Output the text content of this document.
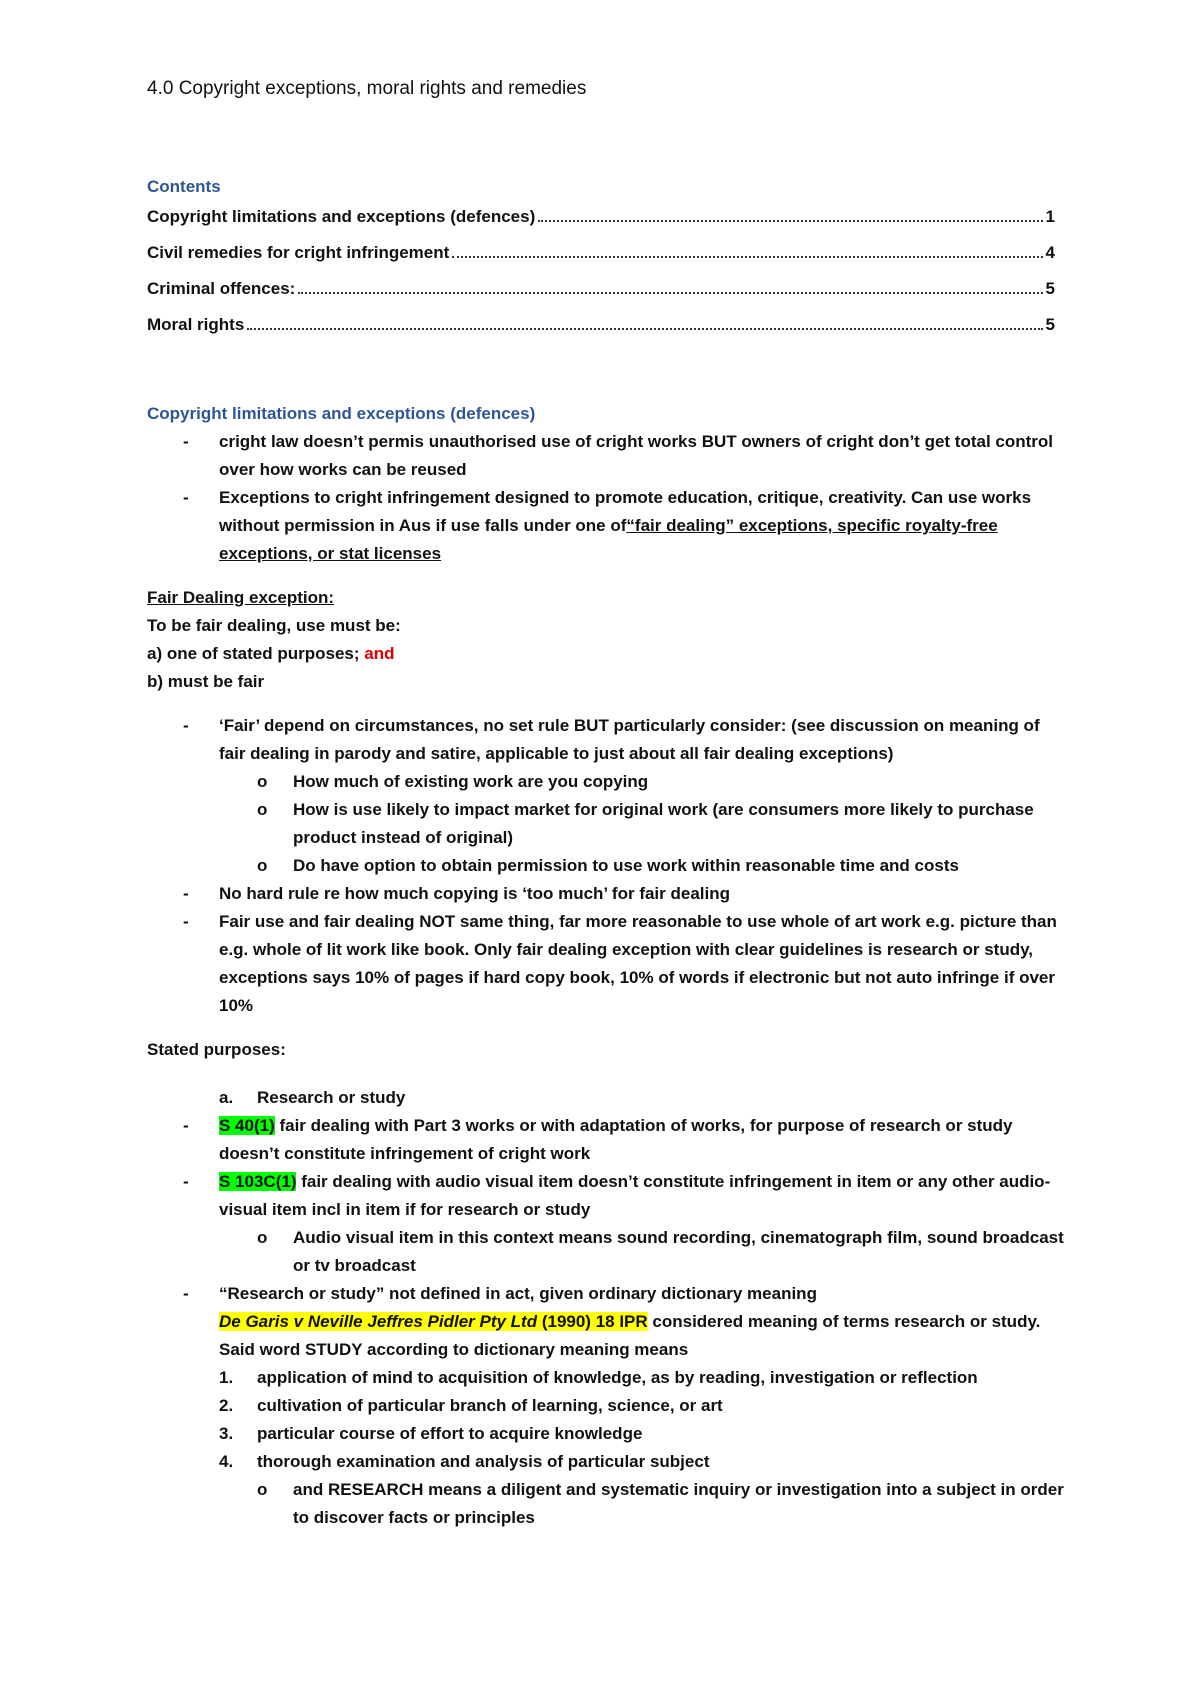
4.0 Copyright exceptions, moral rights and remedies
Contents
Copyright limitations and exceptions (defences)	1
Civil remedies for cright infringement	4
Criminal offences:	5
Moral rights	5
Copyright limitations and exceptions (defences)
-	cright law doesn’t permis unauthorised use of cright works BUT owners of cright don’t get total control over how works can be reused
-	Exceptions to cright infringement designed to promote education, critique, creativity. Can use works without permission in Aus if use falls under one of“fair dealing” exceptions, specific royalty-free exceptions, or stat licenses
Fair Dealing exception:
To be fair dealing, use must be:
a) one of stated purposes; and
b) must be fair
-	‘Fair’ depend on circumstances, no set rule BUT particularly consider: (see discussion on meaning of fair dealing in parody and satire, applicable to just about all fair dealing exceptions)
o	How much of existing work are you copying
o	How is use likely to impact market for original work (are consumers more likely to purchase product instead of original)
o	Do have option to obtain permission to use work within reasonable time and costs
-	No hard rule re how much copying is ‘too much’ for fair dealing
-	Fair use and fair dealing NOT same thing, far more reasonable to use whole of art work e.g. picture than e.g. whole of lit work like book. Only fair dealing exception with clear guidelines is research or study, exceptions says 10% of pages if hard copy book, 10% of words if electronic but not auto infringe if over 10%
Stated purposes:
a.	Research or study
-	S 40(1) fair dealing with Part 3 works or with adaptation of works, for purpose of research or study doesn’t constitute infringement of cright work
-	S 103C(1) fair dealing with audio visual item doesn’t constitute infringement in item or any other audio-visual item incl in item if for research or study
o	Audio visual item in this context means sound recording, cinematograph film, sound broadcast or tv broadcast
-	“Research or study” not defined in act, given ordinary dictionary meaning
De Garis v Neville Jeffres Pidler Pty Ltd (1990) 18 IPR considered meaning of terms research or study. Said word STUDY according to dictionary meaning means
1.	application of mind to acquisition of knowledge, as by reading, investigation or reflection
2.	cultivation of particular branch of learning, science, or art
3.	particular course of effort to acquire knowledge
4.	thorough examination and analysis of particular subject
o	and RESEARCH means a diligent and systematic inquiry or investigation into a subject in order to discover facts or principles
